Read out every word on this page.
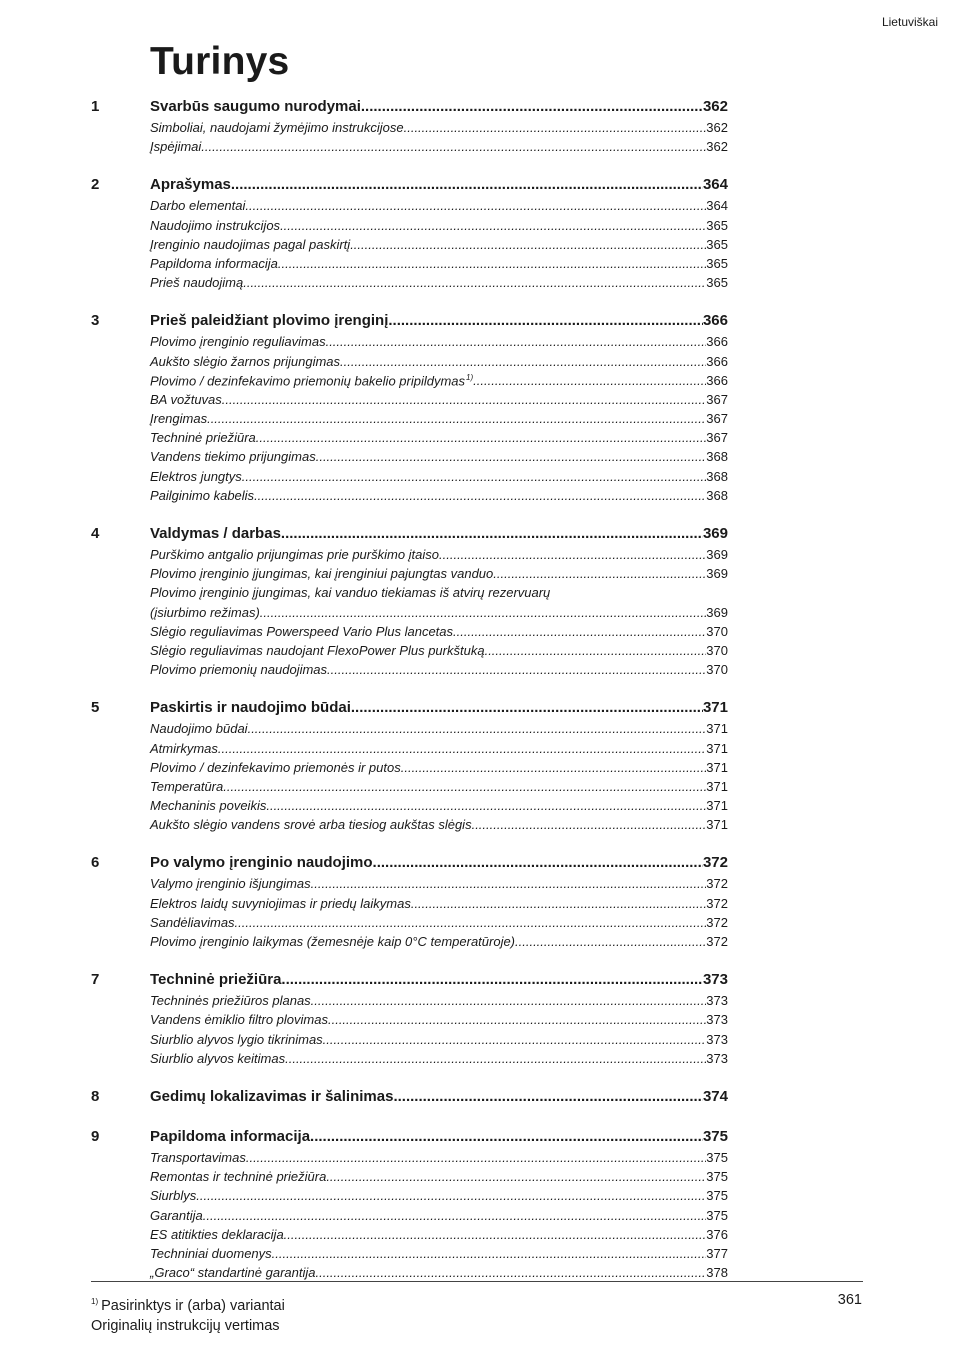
Lietuviškai
Turinys
1	Svarbūs saugumo nurodymai .....	362
Simboliai, naudojami žymėjimo instrukcijose .....	362
Įspėjimai .....	362
2	Aprašymas .....	364
Darbo elementai .....	364
Naudojimo instrukcijos .....	365
Įrenginio naudojimas pagal paskirtį .....	365
Papildoma informacija .....	365
Prieš naudojimą .....	365
3	Prieš paleidžiant plovimo įrenginį .....	366
Plovimo įrenginio reguliavimas .....	366
Aukšto slėgio žarnos prijungimas .....	366
Plovimo / dezinfekavimo priemonių bakelio pripildymas$^{1)}$ .....	366
BA vožtuvas .....	367
Įrengimas .....	367
Techninė priežiūra .....	367
Vandens tiekimo prijungimas .....	368
Elektros jungtys .....	368
Pailginimo kabelis .....	368
4	Valdymas / darbas .....	369
Purškimo antgalio prijungimas prie purškimo įtaiso .....	369
Plovimo įrenginio įjungimas, kai įrenginiui pajungtas vanduo .....	369
Plovimo įrenginio įjungimas, kai vanduo tiekiamas iš atvirų rezervuarų
(įsiurbimo režimas) .....	369
Slėgio reguliavimas Powerspeed Vario Plus lancetas .....	370
Slėgio reguliavimas naudojant FlexoPower Plus purkštuką .....	370
Plovimo priemonių naudojimas .....	370
5	Paskirtis ir naudojimo būdai .....	371
Naudojimo būdai .....	371
Atmirkymas .....	371
Plovimo / dezinfekavimo priemonės ir putos .....	371
Temperatūra .....	371
Mechaninis poveikis .....	371
Aukšto slėgio vandens srovė arba tiesiog aukštas slėgis .....	371
6	Po valymo įrenginio naudojimo .....	372
Valymo įrenginio išjungimas .....	372
Elektros laidų suvyniojimas ir priedų laikymas .....	372
Sandėliavimas .....	372
Plovimo įrenginio laikymas (žemesnėje kaip 0°C temperatūroje) .....	372
7	Techninė priežiūra .....	373
Techninės priežiūros planas .....	373
Vandens ėmiklio filtro plovimas .....	373
Siurblio alyvos lygio tikrinimas .....	373
Siurblio alyvos keitimas .....	373
8	Gedimų lokalizavimas ir šalinimas .....	374
9	Papildoma informacija .....	375
Transportavimas .....	375
Remontas ir techninė priežiūra .....	375
Siurblys .....	375
Garantija .....	375
ES atitikties deklaracija .....	376
Techniniai duomenys .....	377
„Graco“ standartinė garantija .....	378
$^{1)}$ Pasirinktys ir (arba) variantai
Originalių instrukcijų vertimas
361
